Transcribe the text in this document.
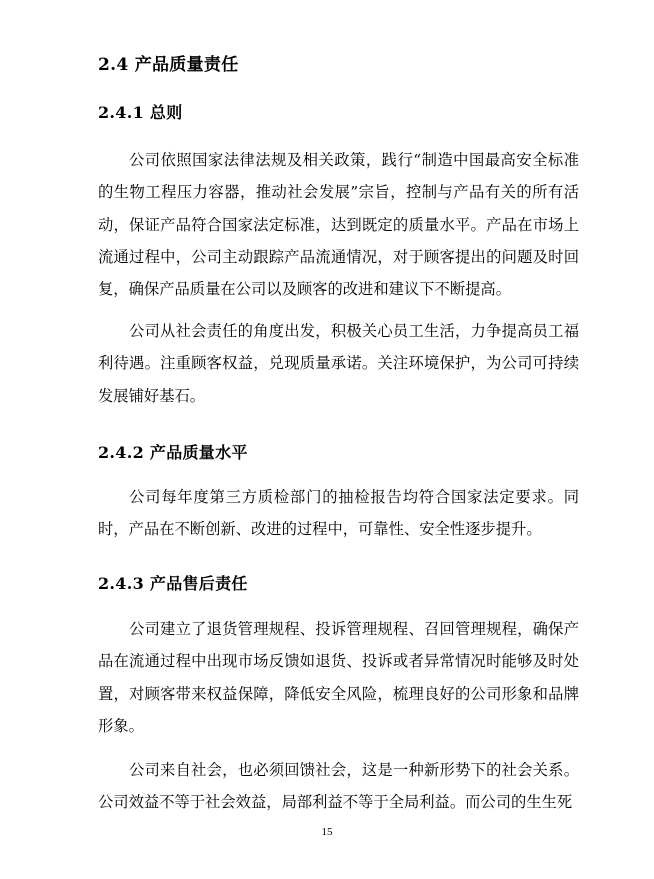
2.4 产品质量责任
2.4.1 总则

公司依照国家法律法规及相关政策，践行“制造中国最高安全标准的生物工程压力容器，推动社会发展”宗旨，控制与产品有关的所有活动，保证产品符合国家法定标准，达到既定的质量水平。产品在市场上流通过程中，公司主动跟踪产品流通情况，对于顾客提出的问题及时回复，确保产品质量在公司以及顾客的改进和建议下不断提高。

公司从社会责任的角度出发，积极关心员工生活，力争提高员工福利待遇。注重顾客权益，兑现质量承诺。关注环境保护，为公司可持续发展铺好基石。

2.4.2 产品质量水平

公司每年度第三方质检部门的抽检报告均符合国家法定要求。同时，产品在不断创新、改进的过程中，可靠性、安全性逐步提升。

2.4.3 产品售后责任

公司建立了退货管理规程、投诉管理规程、召回管理规程，确保产品在流通过程中出现市场反馈如退货、投诉或者异常情况时能够及时处置，对顾客带来权益保障，降低安全风险，梳理良好的公司形象和品牌形象。

公司来自社会，也必须回馈社会，这是一种新形势下的社会关系。公司效益不等于社会效益，局部利益不等于全局利益。而公司的生生死

15
